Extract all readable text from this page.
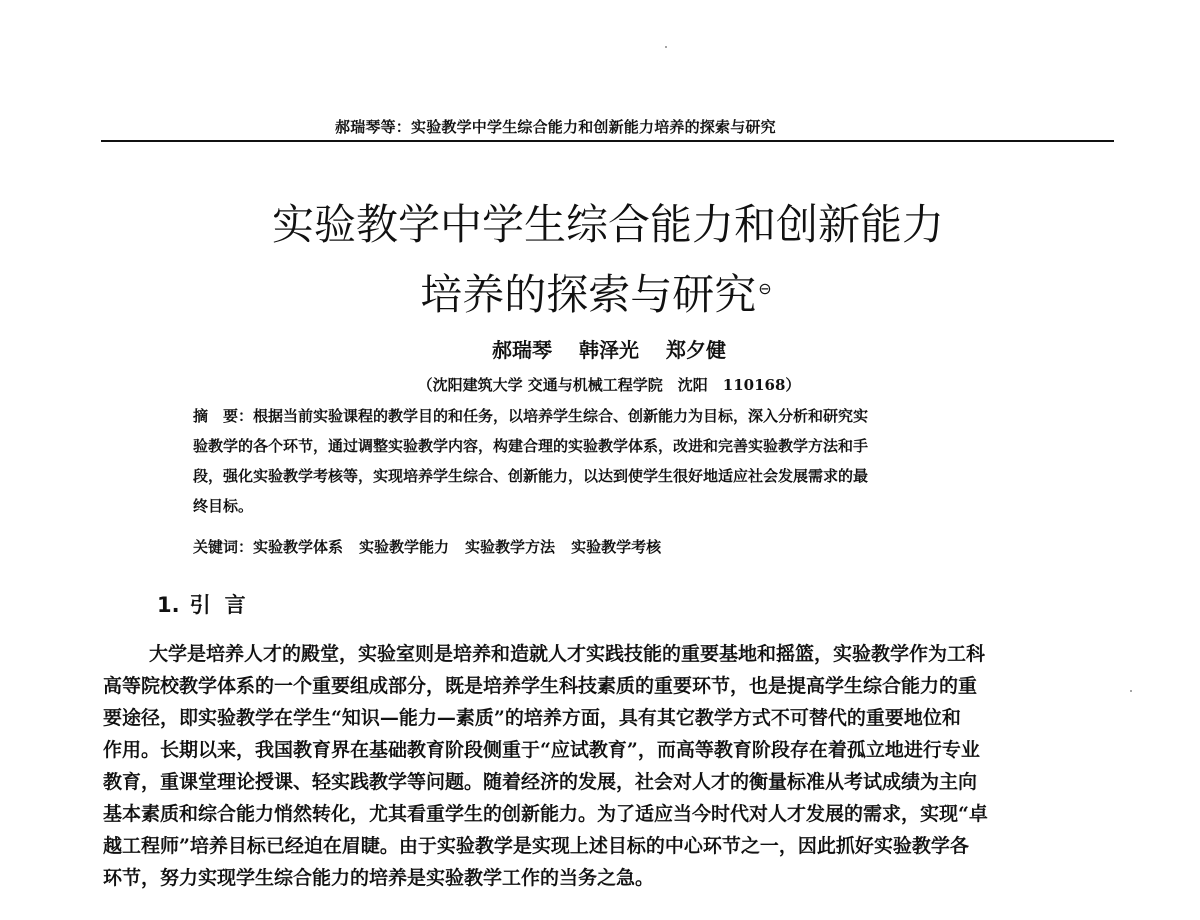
郝瑞琴等：实验教学中学生综合能力和创新能力培养的探索与研究
实验教学中学生综合能力和创新能力
培养的探索与研究 ⊖
郝瑞琴 韩泽光 郑夕健
（沈阳建筑大学 交通与机械工程学院　沈阳　110168）
摘　要：根据当前实验课程的教学目的和任务，以培养学生综合、创新能力为目标，深入分析和研究实
验教学的各个环节，通过调整实验教学内容，构建合理的实验教学体系，改进和完善实验教学方法和手
段，强化实验教学考核等，实现培养学生综合、创新能力，以达到使学生很好地适应社会发展需求的最
终目标。
关键词：实验教学体系 实验教学能力 实验教学方法 实验教学考核
1. 引言
大学是培养人才的殿堂，实验室则是培养和造就人才实践技能的重要基地和摇篮，实验教学作为工科
高等院校教学体系的一个重要组成部分，既是培养学生科技素质的重要环节，也是提高学生综合能力的重
要途径，即实验教学在学生“知识—能力—素质”的培养方面，具有其它教学方式不可替代的重要地位和
作用。长期以来，我国教育界在基础教育阶段侧重于“应试教育”，而高等教育阶段存在着孤立地进行专业
教育，重课堂理论授课、轻实践教学等问题。随着经济的发展，社会对人才的衡量标准从考试成绩为主向
基本素质和综合能力悄然转化，尤其看重学生的创新能力。为了适应当今时代对人才发展的需求，实现“卓
越工程师”培养目标已经迫在眉睫。由于实验教学是实现上述目标的中心环节之一，因此抓好实验教学各
环节，努力实现学生综合能力的培养是实验教学工作的当务之急。
